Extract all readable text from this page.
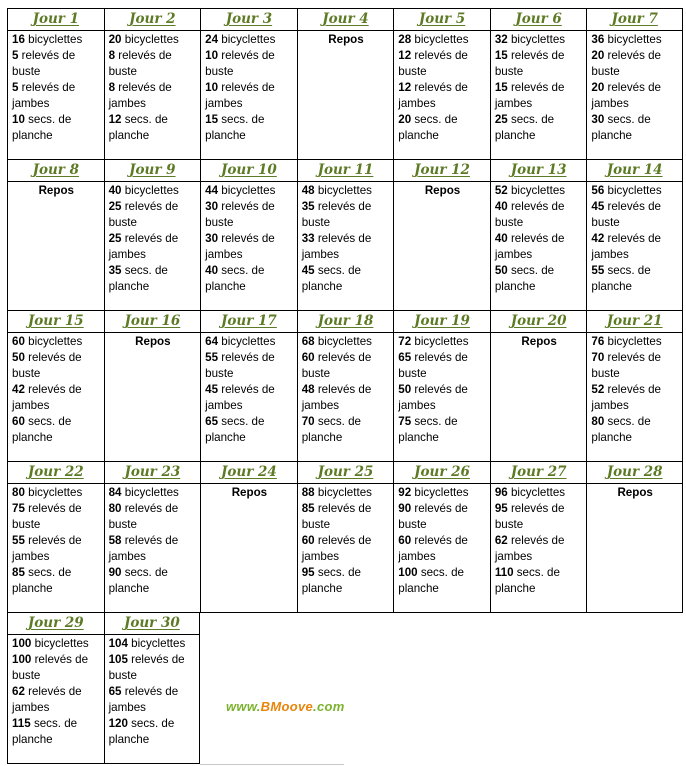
Jour 1
16 bicyclettes
5 relevés de buste
5 relevés de jambes
10 secs. de planche
Jour 2
20 bicyclettes
8 relevés de buste
8 relevés de jambes
12 secs. de planche
Jour 3
24 bicyclettes
10 relevés de buste
10 relevés de jambes
15 secs. de planche
Jour 4
Repos
Jour 5
28 bicyclettes
12 relevés de buste
12 relevés de jambes
20 secs. de planche
Jour 6
32 bicyclettes
15 relevés de buste
15 relevés de jambes
25 secs. de planche
Jour 7
36 bicyclettes
20 relevés de buste
20 relevés de jambes
30 secs. de planche
Jour 8
Repos
Jour 9
40 bicyclettes
25 relevés de buste
25 relevés de jambes
35 secs. de planche
Jour 10
44 bicyclettes
30 relevés de buste
30 relevés de jambes
40 secs. de planche
Jour 11
48 bicyclettes
35 relevés de buste
33 relevés de jambes
45 secs. de planche
Jour 12
Repos
Jour 13
52 bicyclettes
40 relevés de buste
40 relevés de jambes
50 secs. de planche
Jour 14
56 bicyclettes
45 relevés de buste
42 relevés de jambes
55 secs. de planche
Jour 15
60 bicyclettes
50 relevés de buste
42 relevés de jambes
60 secs. de planche
Jour 16
Repos
Jour 17
64 bicyclettes
55 relevés de buste
45 relevés de jambes
65 secs. de planche
Jour 18
68 bicyclettes
60 relevés de buste
48 relevés de jambes
70 secs. de planche
Jour 19
72 bicyclettes
65 relevés de buste
50 relevés de jambes
75 secs. de planche
Jour 20
Repos
Jour 21
76 bicyclettes
70 relevés de buste
52 relevés de jambes
80 secs. de planche
Jour 22
80 bicyclettes
75 relevés de buste
55 relevés de jambes
85 secs. de planche
Jour 23
84 bicyclettes
80 relevés de buste
58 relevés de jambes
90 secs. de planche
Jour 24
Repos
Jour 25
88 bicyclettes
85 relevés de buste
60 relevés de jambes
95 secs. de planche
Jour 26
92 bicyclettes
90 relevés de buste
60 relevés de jambes
100 secs. de planche
Jour 27
96 bicyclettes
95 relevés de buste
62 relevés de jambes
110 secs. de planche
Jour 28
Repos
Jour 29
100 bicyclettes
100 relevés de buste
62 relevés de jambes
115 secs. de planche
Jour 30
104 bicyclettes
105 relevés de buste
65 relevés de jambes
120 secs. de planche
www.BMoove.com
